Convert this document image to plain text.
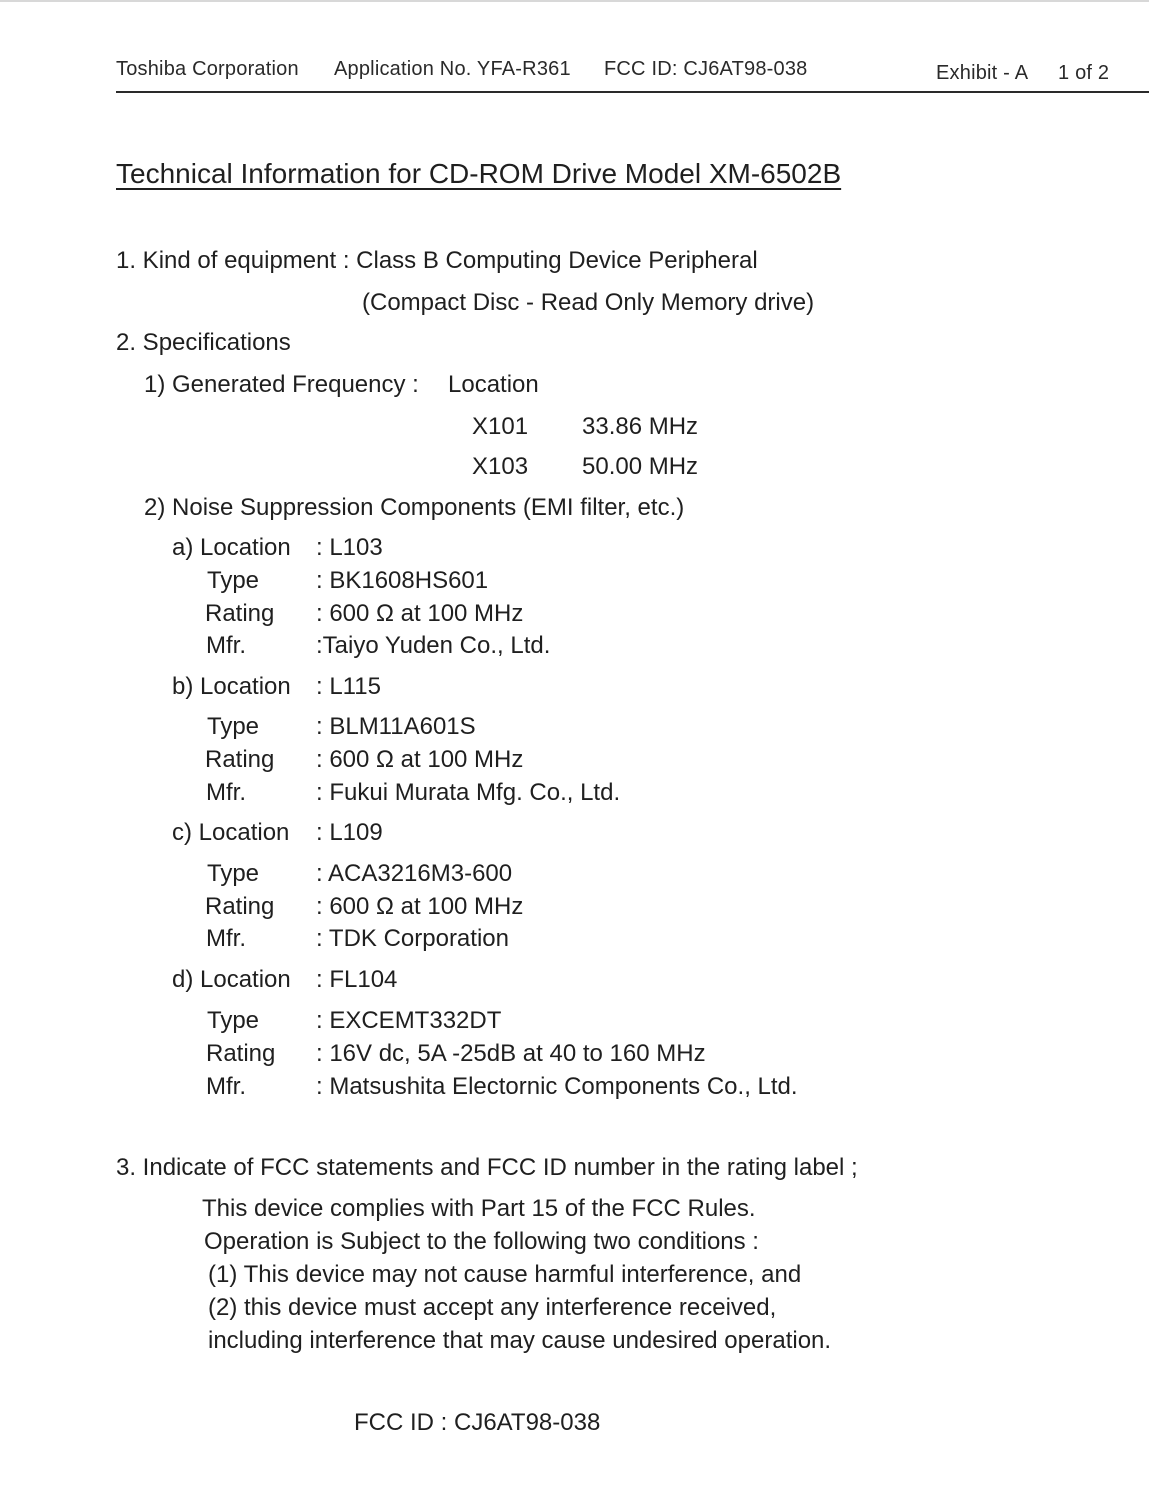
Toshiba Corporation Application No. YFA-R361 FCC ID: CJ6AT98-038	Exhibit - A 1 of 2
Technical Information for CD-ROM Drive Model XM-6502B
1. Kind of equipment : Class B Computing Device Peripheral
(Compact Disc - Read Only Memory drive)
2. Specifications
1) Generated Frequency : Location
X101 33.86 MHz
X103 50.00 MHz
2) Noise Suppression Components (EMI filter, etc.)
a) Location : L103
Type : BK1608HS601
Rating : 600 Ω at 100 MHz
Mfr.	:Taiyo Yuden Co., Ltd.
b) Location : L115
Type : BLM11A601S
Rating : 600 Ω at 100 MHz
Mfr.	: Fukui Murata Mfg. Co., Ltd.
c) Location : L109
Type : ACA3216M3-600
Rating : 600 Ω at 100 MHz
Mfr.	: TDK Corporation
d) Location : FL104
Type : EXCEMT332DT
Rating : 16V dc, 5A -25dB at 40 to 160 MHz
Mfr.	: Matsushita Electornic Components Co., Ltd.
3. Indicate of FCC statements and FCC ID number in the rating label ;
This device complies with Part 15 of the FCC Rules.
Operation is Subject to the following two conditions :
(1) This device may not cause harmful interference, and
(2) this device must accept any interference received,
including interference that may cause undesired operation.
FCC ID : CJ6AT98-038
